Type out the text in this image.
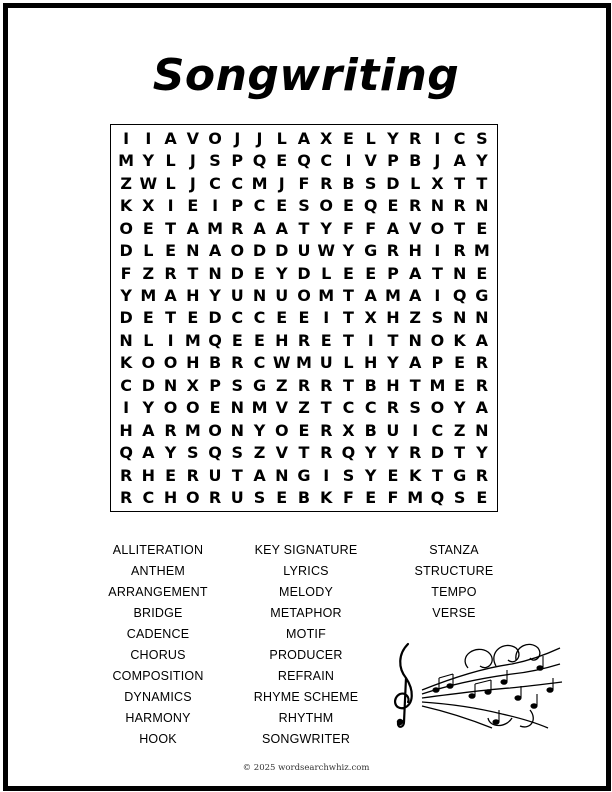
Songwriting
I	I A V O J	J L A X E L Y R I C S
M Y L J S P Q E Q C I V P B J A Y
Z W L J C C M J F R B S D L X T T
K X I E I P C E S O E Q E R N R N
O E T A M R A A T Y F F A V O T E
D L E N A O D D U W Y G R H I R M
F Z R T N D E Y D L E E P A T N E
Y M A H Y U N U O M T A M A I Q G
D E T E D C C E E I T X H Z S N N
N L I M Q E E H R E T I T N O K A
K O O H B R C W M U L H Y A P E R
C D N X P S G Z R R T B H T M E R
I Y O O E N M V Z T C C R S O Y A
H A R M O N Y O E R X B U I C Z N
Q A Y S Q S Z V T R Q Y Y R D T Y
R H E R U T A N G I S Y E K T G R
R C H O R U S E B K F E F M Q S E
ALLITERATION
ANTHEM
ARRANGEMENT
BRIDGE
CADENCE
CHORUS
COMPOSITION
DYNAMICS
HARMONY
HOOK
KEY SIGNATURE
LYRICS
MELODY
METAPHOR
MOTIF
PRODUCER
REFRAIN
RHYME SCHEME
RHYTHM
SONGWRITER
STANZA
STRUCTURE
TEMPO
VERSE
© 2025 wordsearchwhiz.com
